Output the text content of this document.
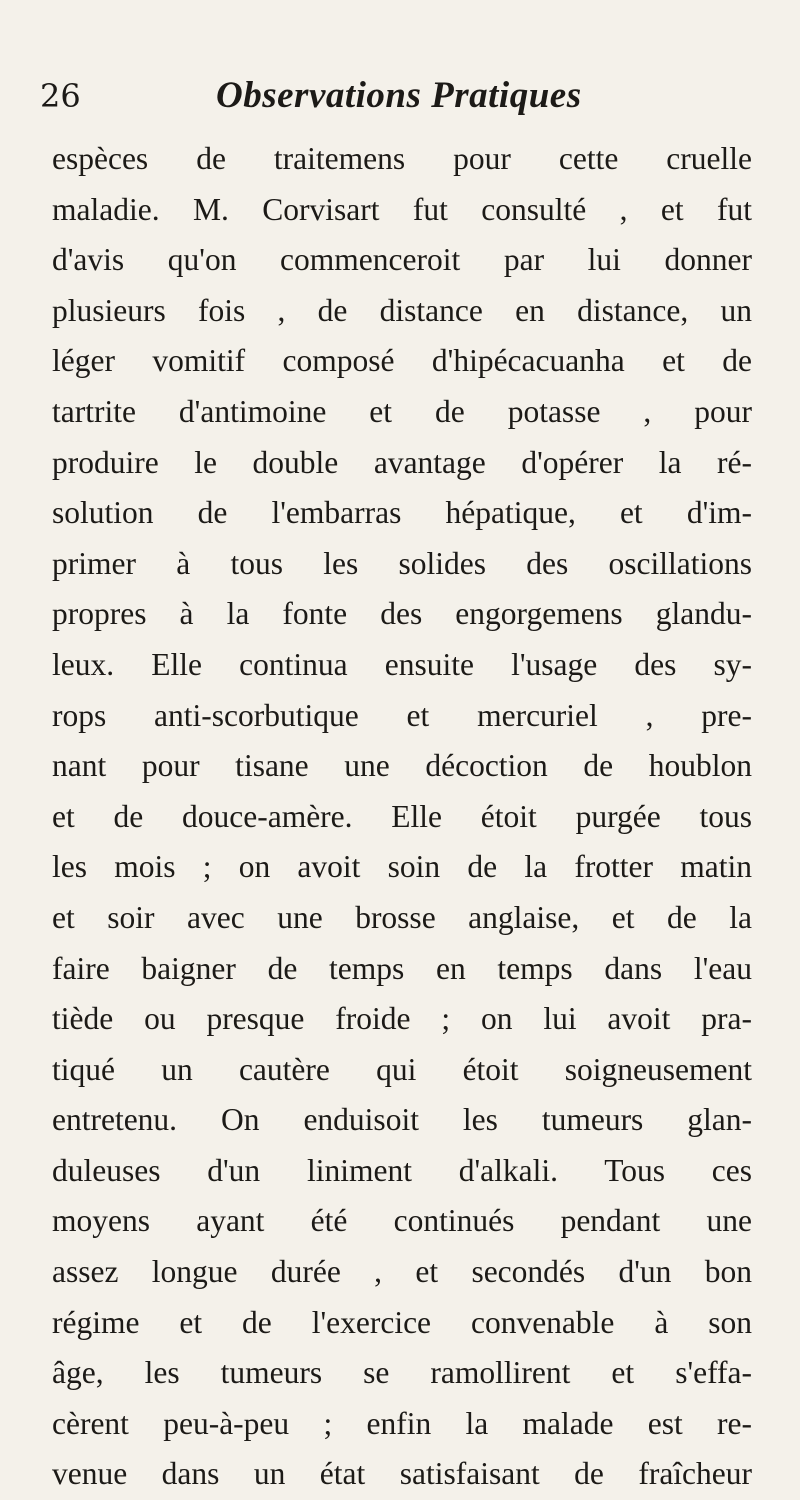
26	Observations Pratiques
espèces de traitemens pour cette cruelle
maladie. M. Corvisart fut consulté , et fut
d'avis qu'on commenceroit par lui donner
plusieurs fois , de distance en distance, un
léger vomitif composé d'hipécacuanha et de
tartrite d'antimoine et de potasse , pour
produire le double avantage d'opérer la ré-
solution de l'embarras hépatique, et d'im-
primer à tous les solides des oscillations
propres à la fonte des engorgemens glandu-
leux. Elle continua ensuite l'usage des sy-
rops anti-scorbutique et mercuriel , pre-
nant pour tisane une décoction de houblon
et de douce-amère. Elle étoit purgée tous
les mois ; on avoit soin de la frotter matin
et soir avec une brosse anglaise, et de la
faire baigner de temps en temps dans l'eau
tiède ou presque froide ; on lui avoit pra-
tiqué un cautère qui étoit soigneusement
entretenu. On enduisoit les tumeurs glan-
duleuses d'un liniment d'alkali. Tous ces
moyens ayant été continués pendant une
assez longue durée , et secondés d'un bon
régime et de l'exercice convenable à son
âge, les tumeurs se ramollirent et s'effa-
cèrent peu-à-peu ; enfin la malade est re-
venue dans un état satisfaisant de fraîcheur
